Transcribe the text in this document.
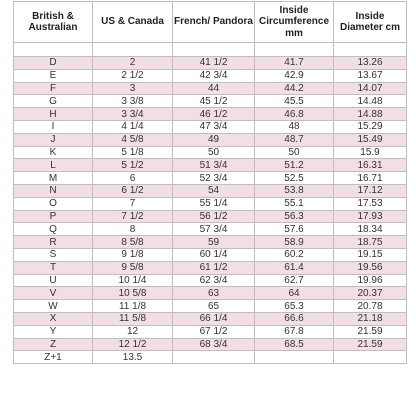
British & Australian	US & Canada	French/ Pandora	Inside Circumference mm	Inside Diameter cm

D	2	41 1/2	41.7	13.26
E	2 1/2	42 3/4	42.9	13.67
F	3	44	44.2	14.07
G	3 3/8	45 1/2	45.5	14.48
H	3 3/4	46 1/2	46.8	14.88
I	4 1/4	47 3/4	48	15.29
J	4 5/8	49	48.7	15.49
K	5 1/8	50	50	15.9
L	5 1/2	51 3/4	51.2	16.31
M	6	52 3/4	52.5	16.71
N	6 1/2	54	53.8	17.12
O	7	55 1/4	55.1	17.53
P	7 1/2	56 1/2	56.3	17.93
Q	8	57 3/4	57.6	18.34
R	8 5/8	59	58.9	18.75
S	9 1/8	60 1/4	60.2	19.15
T	9 5/8	61 1/2	61.4	19.56
U	10 1/4	62 3/4	62.7	19.96
V	10 5/8	63	64	20.37
W	11 1/8	65	65.3	20.78
X	11 5/8	66 1/4	66.6	21.18
Y	12	67 1/2	67.8	21.59
Z	12 1/2	68 3/4	68.5	21.59
Z+1	13.5			
